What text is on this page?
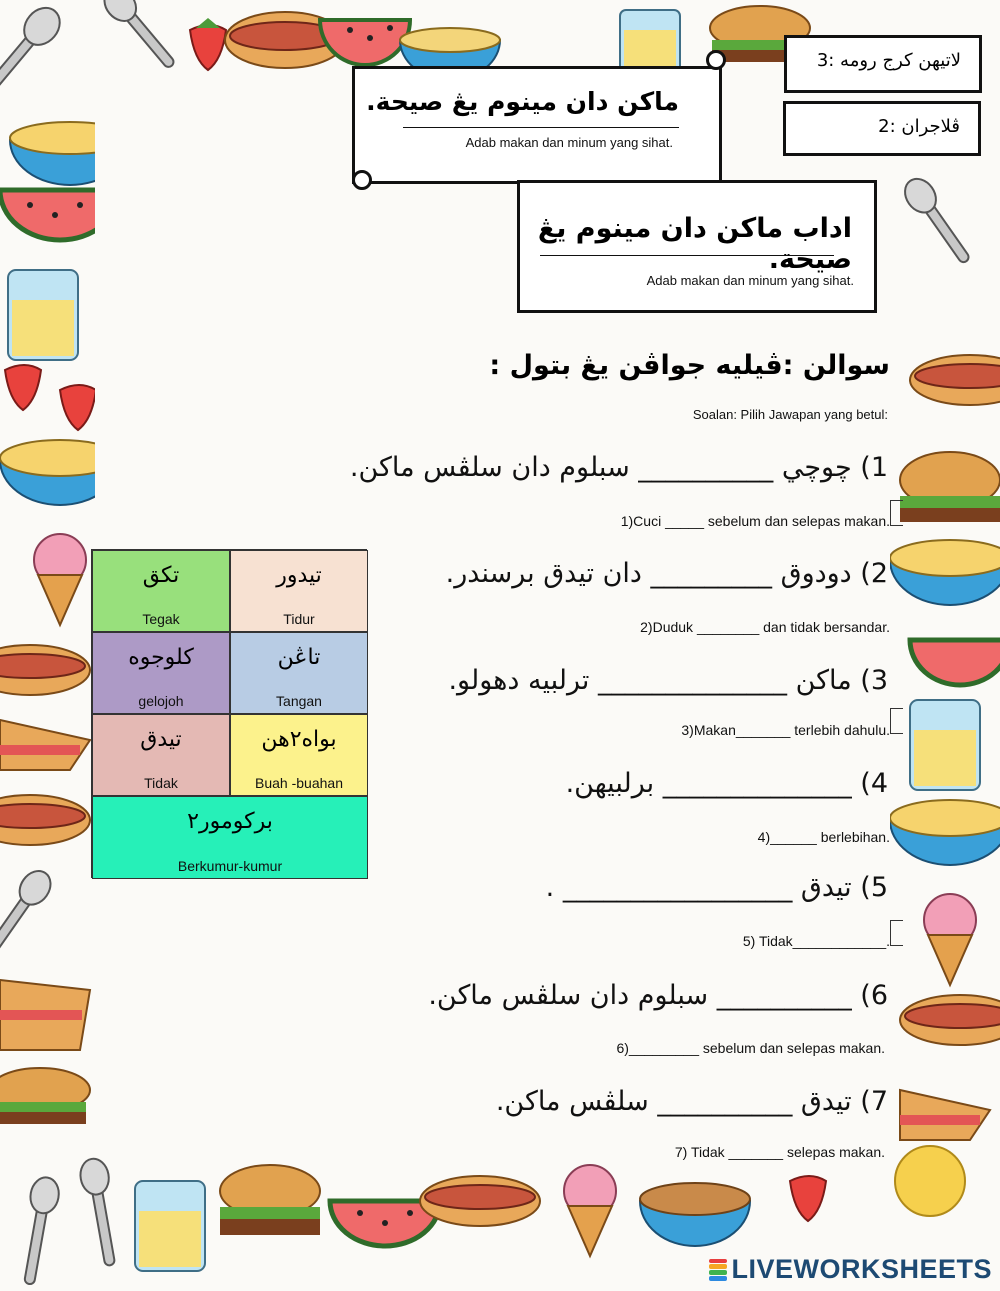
لاتيهن كرج رومه :3
ڤلاجران :2
ماكن دان مينوم يڠ صيحة.
Adab makan dan minum yang sihat.
اداب ماكن دان مينوم يڠ صيحة.
Adab makan dan minum yang sihat.
سوالن :ڤيليه جواڤن يڠ بتول :
Soalan: Pilih Jawapan yang betul:
تكق
Tegak
تيدور
Tidur
كلوجوه
gelojoh
تاڠن
Tangan
تيدق
Tidak
بواه٢هن
Buah -buahan
بركومور٢
Berkumur-kumur
1) چوچي __________ سبلوم دان سلڤس ماكن.
1)Cuci _____ sebelum dan selepas makan.
2) دودوق _________ دان تيدق برسندر.
2)Duduk ________ dan tidak bersandar.
3) ماكن ______________ ترلبيه دهولو.
3)Makan_______ terlebih dahulu.
4) ______________ برلبيهن.
4)______ berlebihan.
5) تيدق _________________ .
5) Tidak____________.
6) __________ سبلوم دان سلڤس ماكن.
6)_________ sebelum dan selepas makan.
7) تيدق __________ سلڤس ماكن.
7) Tidak _______ selepas makan.
LIVEWORKSHEETS
